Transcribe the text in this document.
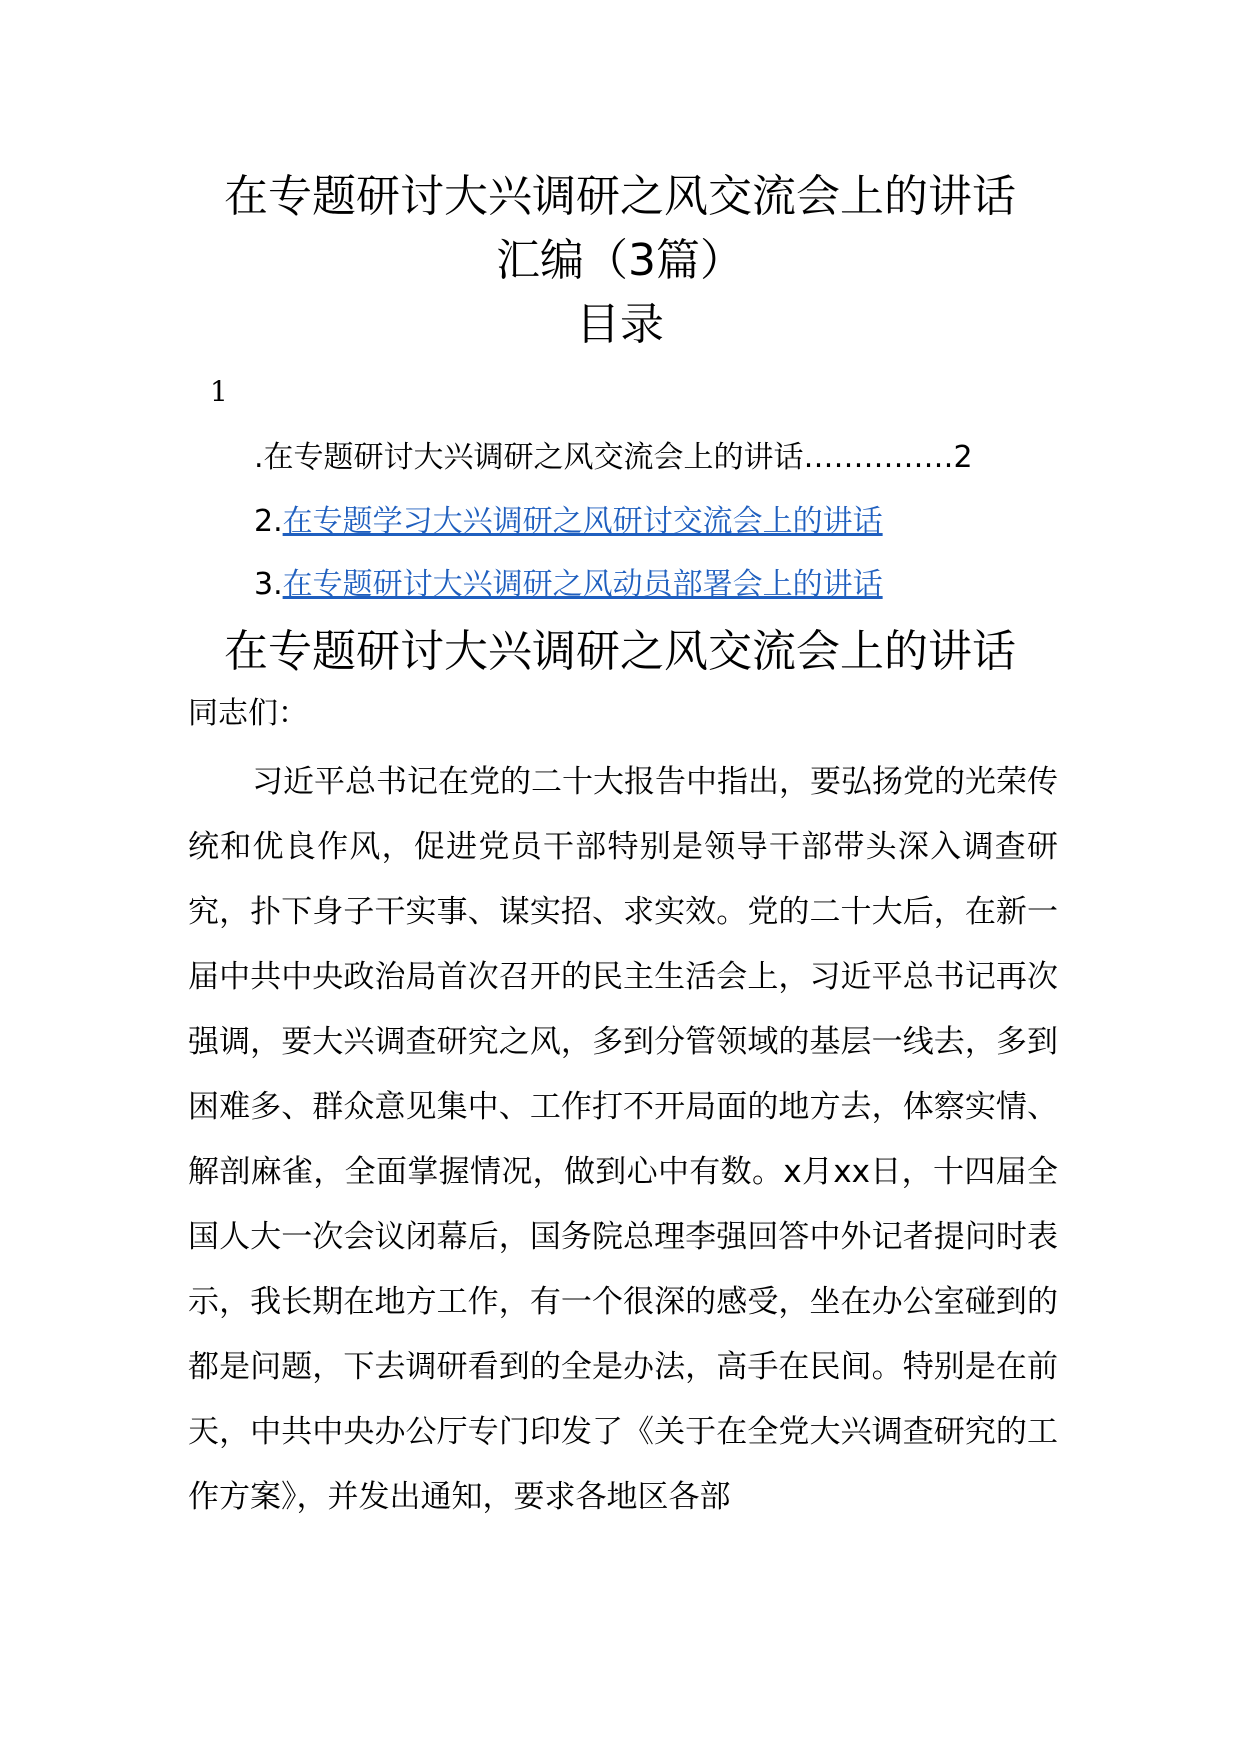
在专题研讨大兴调研之风交流会上的讲话
汇编（3篇）
目录
1
.在专题研讨大兴调研之风交流会上的讲话……………2
2.在专题学习大兴调研之风研讨交流会上的讲话
3.在专题研讨大兴调研之风动员部署会上的讲话
在专题研讨大兴调研之风交流会上的讲话
同志们：

习近平总书记在党的二十大报告中指出，要弘扬党的光荣传统和优良作风，促进党员干部特别是领导干部带头深入调查研究，扑下身子干实事、谋实招、求实效。党的二十大后，在新一届中共中央政治局首次召开的民主生活会上，习近平总书记再次强调，要大兴调查研究之风，多到分管领域的基层一线去，多到困难多、群众意见集中、工作打不开局面的地方去，体察实情、解剖麻雀，全面掌握情况，做到心中有数。x月xx日，十四届全国人大一次会议闭幕后，国务院总理李强回答中外记者提问时表示，我长期在地方工作，有一个很深的感受，坐在办公室碰到的都是问题，下去调研看到的全是办法，高手在民间。特别是在前天，中共中央办公厅专门印发了《关于在全党大兴调查研究的工作方案》，并发出通知，要求各地区各部
